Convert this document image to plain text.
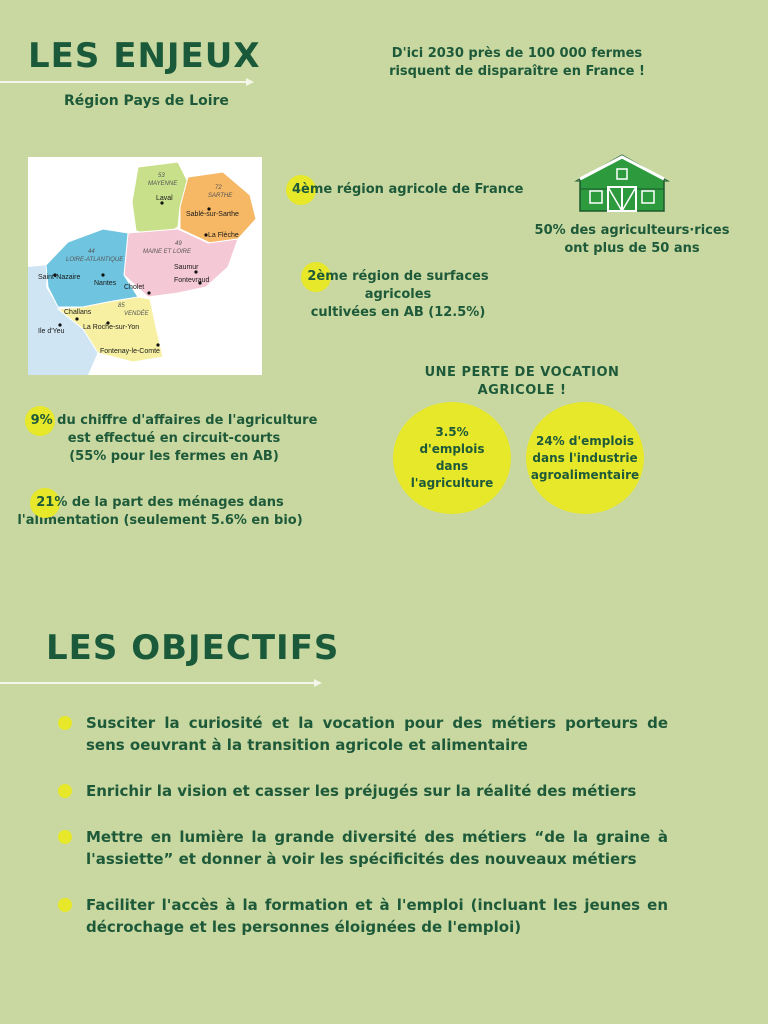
LES ENJEUX
Région Pays de Loire
D'ici 2030 près de 100 000 fermes
risquent de disparaître en France !
53
MAYENNE
72
SARTHE
49
MAINE ET LOIRE
44
LOIRE-ATLANTIQUE
85
VENDÉE
Laval
Sablé-sur-Sarthe
La Flèche
Saint-Nazaire
Nantes
Cholet
Saumur
Fontevraud
Challans
La Roche-sur-Yon
Ile d'Yeu
Fontenay-le-Comte
4ème région agricole de France
2ème région de surfaces agricoles
cultivées en AB (12.5%)
50% des agriculteurs·rices
ont plus de 50 ans
UNE PERTE DE VOCATION
AGRICOLE !
3.5% d'emplois
dans
l'agriculture
24% d'emplois
dans l'industrie
agroalimentaire
9% du chiffre d'affaires de l'agriculture
est effectué en circuit-courts
(55% pour les fermes en AB)
21% de la part des ménages dans
l'alimentation (seulement 5.6% en bio)
LES OBJECTIFS
Susciter la curiosité et la vocation pour des métiers porteurs de sens oeuvrant à la transition agricole et alimentaire
Enrichir la vision et casser les préjugés sur la réalité des métiers
Mettre en lumière la grande diversité des métiers “de la graine à l'assiette” et donner à voir les spécificités des nouveaux métiers
Faciliter l'accès à la formation et à l'emploi (incluant les jeunes en décrochage et les personnes éloignées de l'emploi)
